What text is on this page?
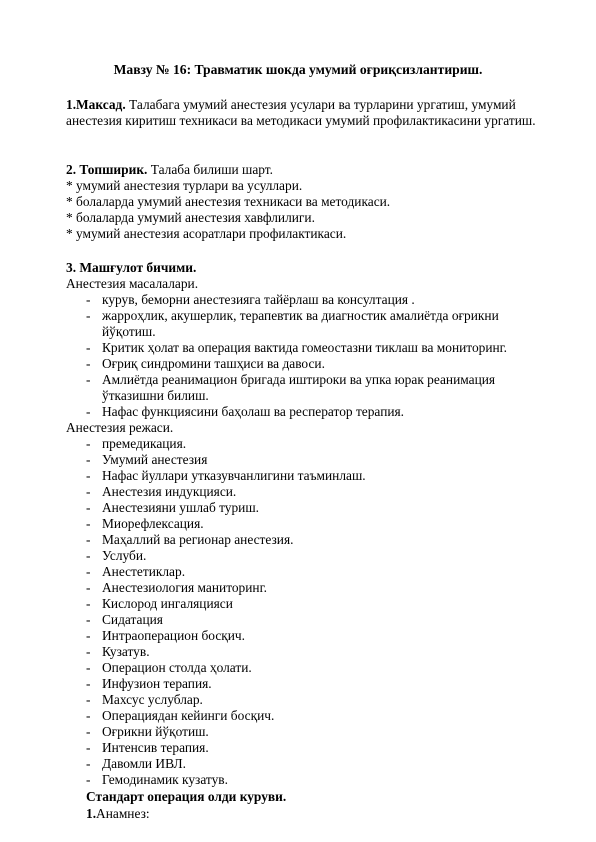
Мавзу № 16: Травматик шокда умумий оғриқсизлантириш.
1.Максад. Талабага умумий анестезия усулари ва турларини ургатиш, умумий анестезия киритиш техникаси ва методикаси умумий профилактикасини ургатиш.
2. Топширик. Талаба билиши шарт.
* умумий анестезия турлари ва усуллари.
* болаларда умумий анестезия техникаси ва методикаси.
* болаларда умумий анестезия хавфлилиги.
* умумий анестезия асоратлари профилактикаси.
3. Машғулот бичими.
Анестезия масалалари.
- курув, беморни анестезияга тайёрлаш ва консултация .
- жарроҳлик, акушерлик, терапевтик ва диагностик амалиётда оғрикни йўқотиш.
- Критик ҳолат ва операция вактида гомеостазни тиклаш ва мониторинг.
- Оғриқ синдромини ташҳиси ва давоси.
- Амлиётда реанимацион бригада иштироки ва упка юрак реанимация ўтказишни билиш.
- Нафас функциясини баҳолаш ва респератор терапия.
Анестезия режаси.
- премедикация.
- Умумий анестезия
- Нафас йуллари утказувчанлигини таъминлаш.
- Анестезия индукцияси.
- Анестезияни ушлаб туриш.
- Миорефлексация.
- Маҳаллий ва регионар анестезия.
- Услуби.
- Анестетиклар.
- Анестезиология маниторинг.
- Кислород ингаляцияси
- Сидатация
- Интраоперацион босқич.
- Кузатув.
- Операцион столда ҳолати.
- Инфузион терапия.
- Махсус услублар.
- Операциядан кейинги босқич.
- Оғрикни йўқотиш.
- Интенсив терапия.
- Давомли ИВЛ.
- Гемодинамик кузатув.
Стандарт операция олди куруви.
1.Анамнез:
